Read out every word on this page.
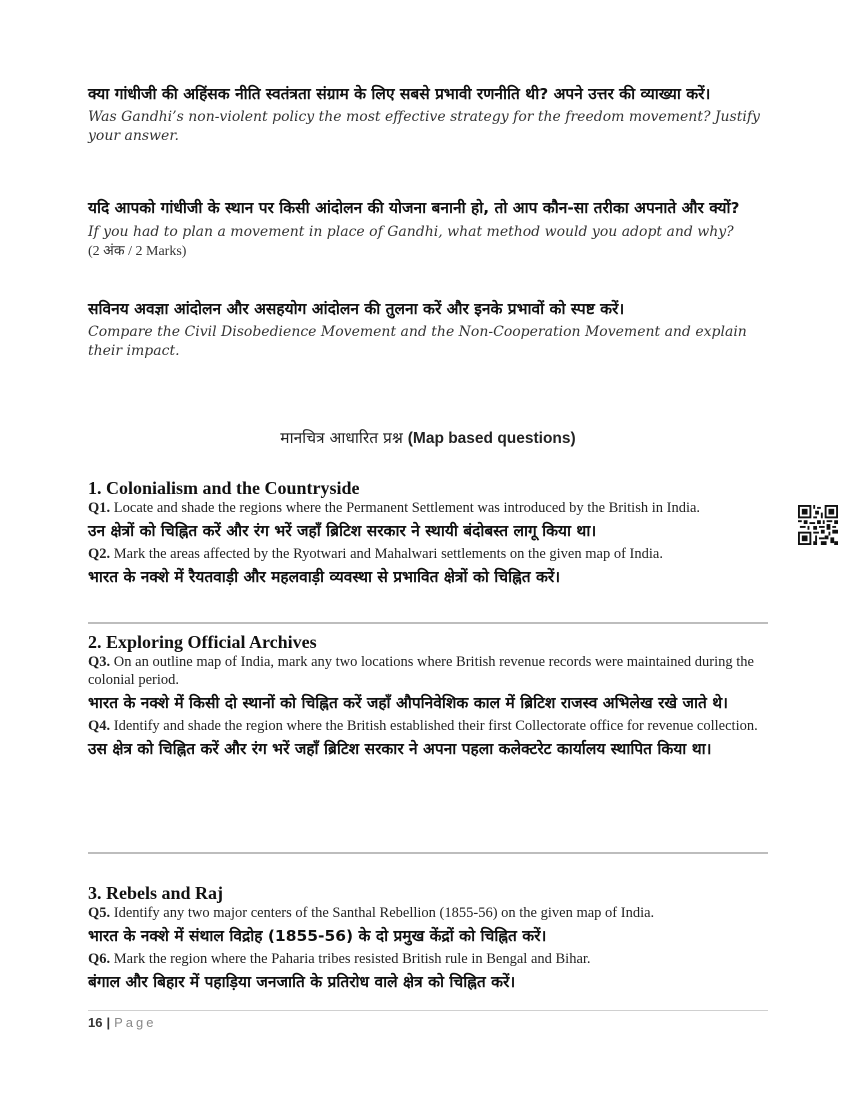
क्या गांधीजी की अहिंसक नीति स्वतंत्रता संग्राम के लिए सबसे प्रभावी रणनीति थी? अपने उत्तर की व्याख्या करें।
Was Gandhi’s non-violent policy the most effective strategy for the freedom movement? Justify your answer.
यदि आपको गांधीजी के स्थान पर किसी आंदोलन की योजना बनानी हो, तो आप कौन-सा तरीका अपनाते और क्यों?
If you had to plan a movement in place of Gandhi, what method would you adopt and why?
(2 अंक / 2 Marks)
सविनय अवज्ञा आंदोलन और असहयोग आंदोलन की तुलना करें और इनके प्रभावों को स्पष्ट करें।
Compare the Civil Disobedience Movement and the Non-Cooperation Movement and explain their impact.
मानचित्र आधारित प्रश्न (Map based questions)
1. Colonialism and the Countryside
Q1. Locate and shade the regions where the Permanent Settlement was introduced by the British in India.
उन क्षेत्रों को चिह्नित करें और रंग भरें जहाँ ब्रिटिश सरकार ने स्थायी बंदोबस्त लागू किया था।
Q2. Mark the areas affected by the Ryotwari and Mahalwari settlements on the given map of India.
भारत के नक्शे में रैयतवाड़ी और महलवाड़ी व्यवस्था से प्रभावित क्षेत्रों को चिह्नित करें।
2. Exploring Official Archives
Q3. On an outline map of India, mark any two locations where British revenue records were maintained during the colonial period.
भारत के नक्शे में किसी दो स्थानों को चिह्नित करें जहाँ औपनिवेशिक काल में ब्रिटिश राजस्व अभिलेख रखे जाते थे।
Q4. Identify and shade the region where the British established their first Collectorate office for revenue collection.
उस क्षेत्र को चिह्नित करें और रंग भरें जहाँ ब्रिटिश सरकार ने अपना पहला कलेक्टरेट कार्यालय स्थापित किया था।
3. Rebels and Raj
Q5. Identify any two major centers of the Santhal Rebellion (1855-56) on the given map of India.
भारत के नक्शे में संथाल विद्रोह (1855-56) के दो प्रमुख केंद्रों को चिह्नित करें।
Q6. Mark the region where the Paharia tribes resisted British rule in Bengal and Bihar.
बंगाल और बिहार में पहाड़िया जनजाति के प्रतिरोध वाले क्षेत्र को चिह्नित करें।
16 | Page
